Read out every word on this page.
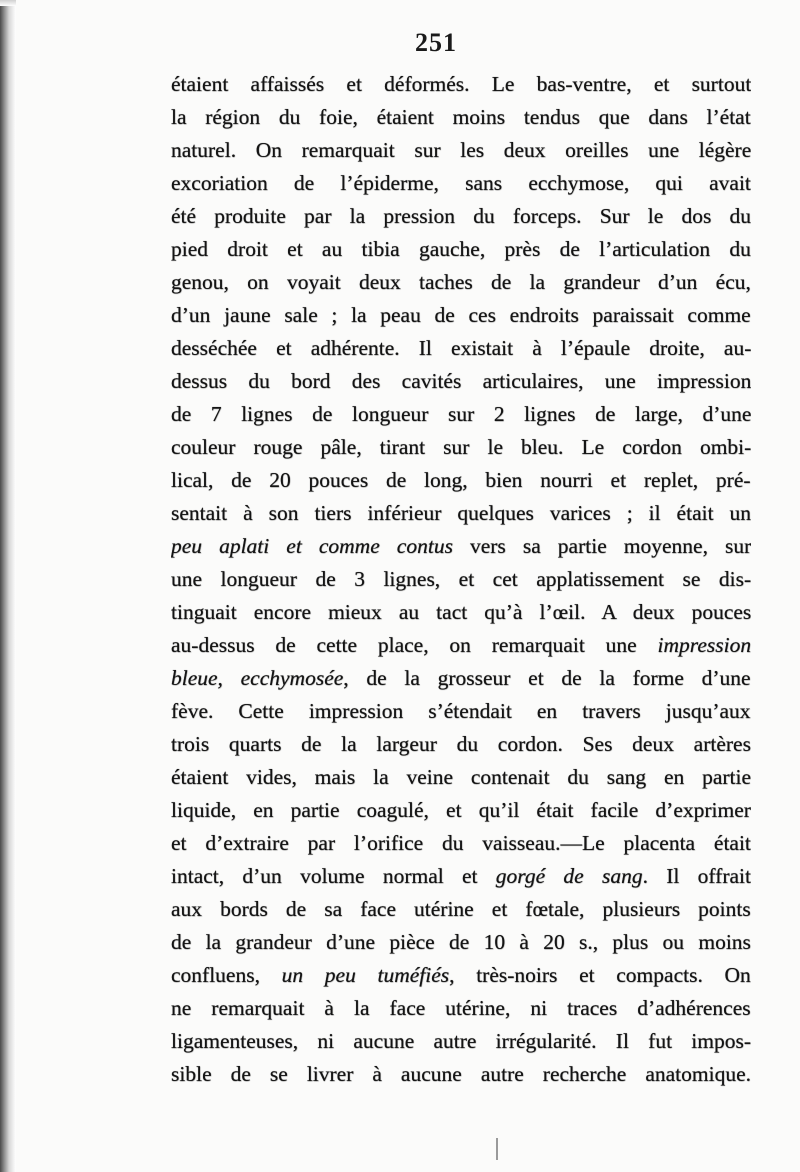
251
étaient affaissés et déformés. Le bas-ventre, et surtout
la région du foie, étaient moins tendus que dans l’état
naturel. On remarquait sur les deux oreilles une légère
excoriation de l’épiderme, sans ecchymose, qui avait
été produite par la pression du forceps. Sur le dos du
pied droit et au tibia gauche, près de l’articulation du
genou, on voyait deux taches de la grandeur d’un écu,
d’un jaune sale ; la peau de ces endroits paraissait comme
desséchée et adhérente. Il existait à l’épaule droite, au-
dessus du bord des cavités articulaires, une impression
de 7 lignes de longueur sur 2 lignes de large, d’une
couleur rouge pâle, tirant sur le bleu. Le cordon ombi-
lical, de 20 pouces de long, bien nourri et replet, pré-
sentait à son tiers inférieur quelques varices ; il était un
peu aplati et comme contus vers sa partie moyenne, sur
une longueur de 3 lignes, et cet applatissement se dis-
tinguait encore mieux au tact qu’à l’œil. A deux pouces
au-dessus de cette place, on remarquait une impression
bleue, ecchymosée, de la grosseur et de la forme d’une
fève. Cette impression s’étendait en travers jusqu’aux
trois quarts de la largeur du cordon. Ses deux artères
étaient vides, mais la veine contenait du sang en partie
liquide, en partie coagulé, et qu’il était facile d’exprimer
et d’extraire par l’orifice du vaisseau.—Le placenta était
intact, d’un volume normal et gorgé de sang. Il offrait
aux bords de sa face utérine et fœtale, plusieurs points
de la grandeur d’une pièce de 10 à 20 s., plus ou moins
confluens, un peu tuméfiés, très-noirs et compacts. On
ne remarquait à la face utérine, ni traces d’adhérences
ligamenteuses, ni aucune autre irrégularité. Il fut impos-
sible de se livrer à aucune autre recherche anatomique.
